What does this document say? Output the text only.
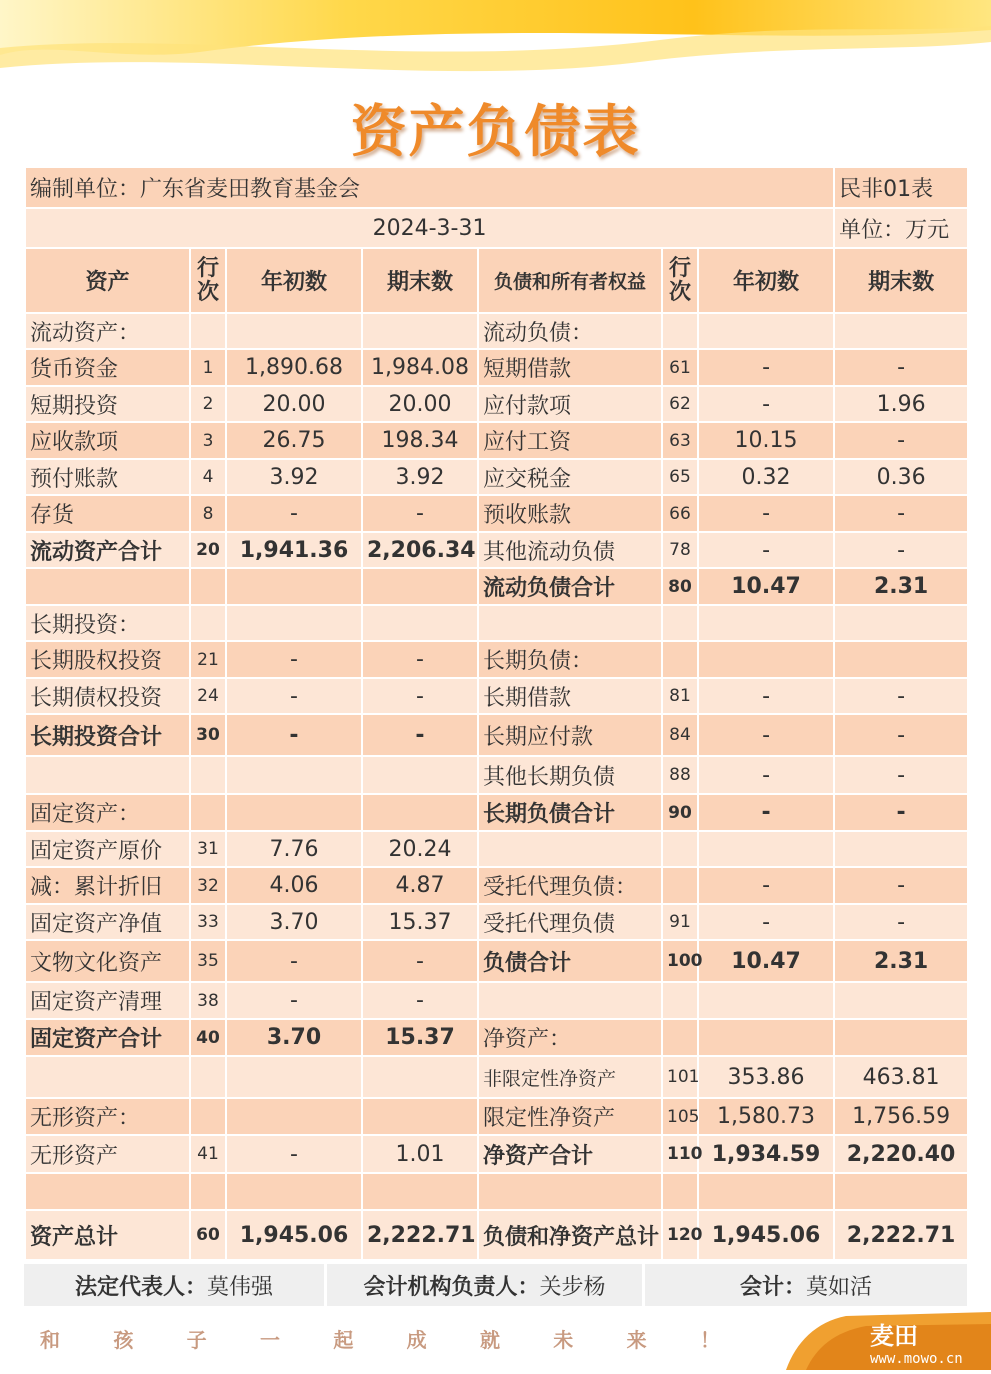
资产负债表
编制单位：广东省麦田教育基金会							民非01表
2024-3-31							单位：万元
资产	行次	年初数	期末数	负债和所有者权益	行次	年初数	期末数
流动资产：				流动负债：			
货币资金	1	1,890.68	1,984.08	短期借款	61	-	-
短期投资	2	20.00	20.00	应付款项	62	-	1.96
应收款项	3	26.75	198.34	应付工资	63	10.15	-
预付账款	4	3.92	3.92	应交税金	65	0.32	0.36
存货	8	-	-	预收账款	66	-	-
流动资产合计	20	1,941.36	2,206.34	其他流动负债	78	-	-
				流动负债合计	80	10.47	2.31
长期投资：							
长期股权投资	21	-	-	长期负债：			
长期债权投资	24	-	-	长期借款	81	-	-
长期投资合计	30	-	-	长期应付款	84	-	-
				其他长期负债	88	-	-
固定资产：				长期负债合计	90	-	-
固定资产原价	31	7.76	20.24				
减：累计折旧	32	4.06	4.87	受托代理负债：		-	-
固定资产净值	33	3.70	15.37	受托代理负债	91	-	-
文物文化资产	35	-	-	负债合计	100	10.47	2.31
固定资产清理	38	-	-				
固定资产合计	40	3.70	15.37	净资产：			
				非限定性净资产	101	353.86	463.81
无形资产：				限定性净资产	105	1,580.73	1,756.59
无形资产	41	-	1.01	净资产合计	110	1,934.59	2,220.40

资产总计	60	1,945.06	2,222.71	负债和净资产总计	120	1,945.06	2,222.71
法定代表人： 莫伟强	会计机构负责人： 关步杨	会计： 莫如活
和	孩	子	一	起	成	就	未	来	！	麦田
www.mowo.cn
